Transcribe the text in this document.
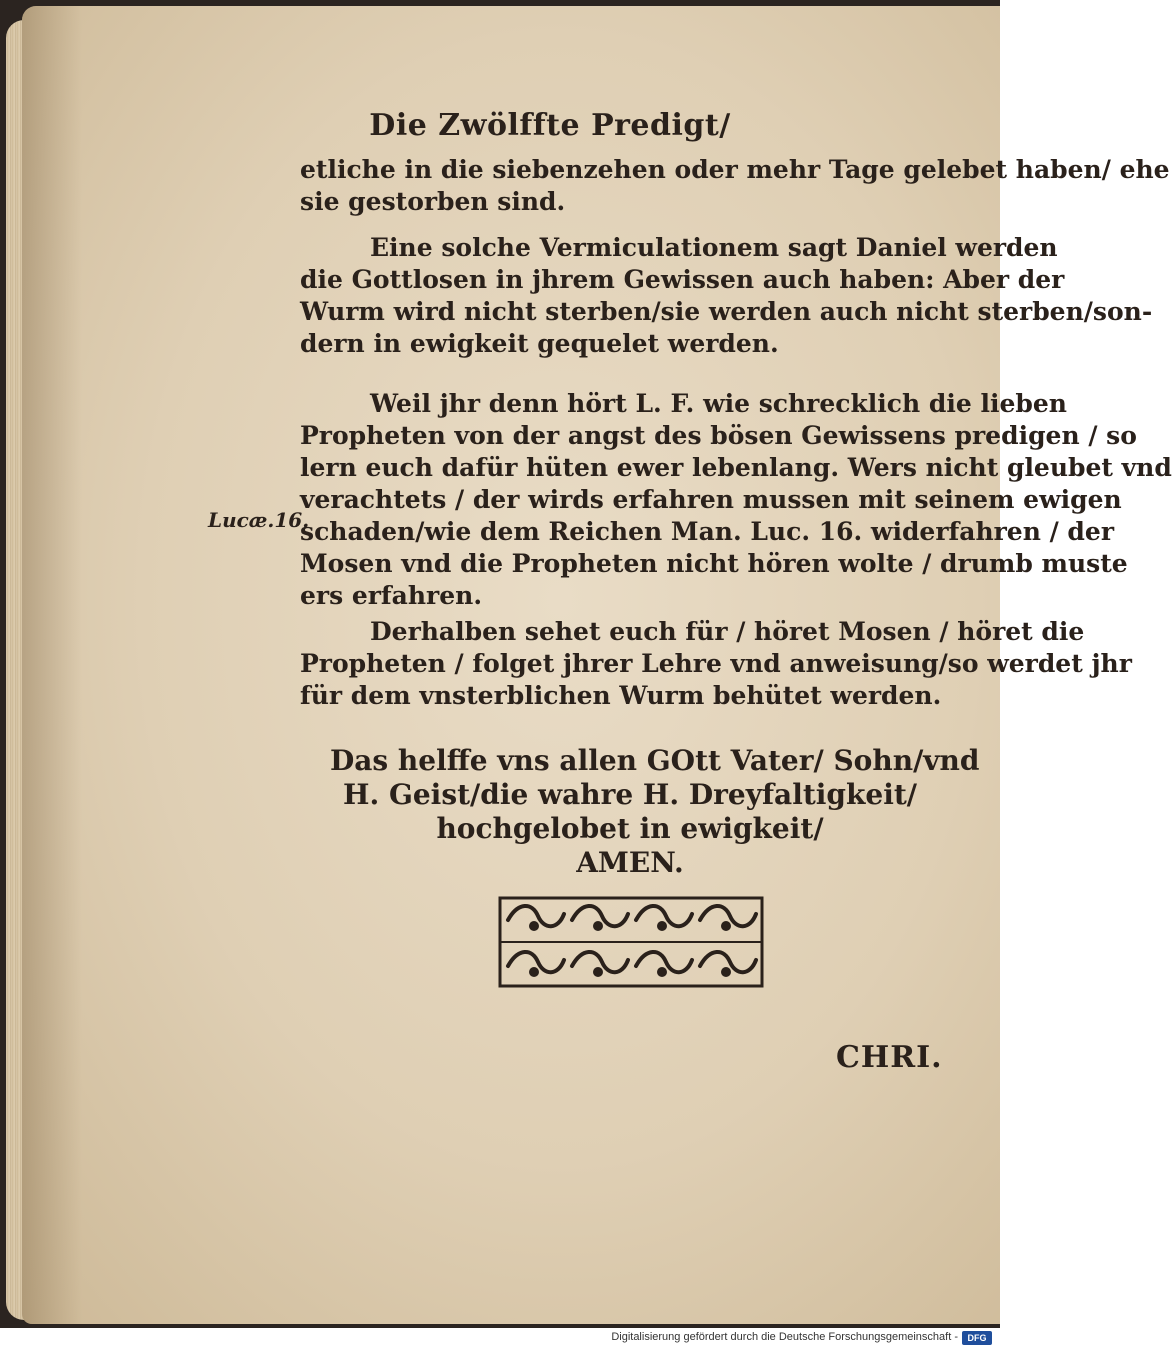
Die Zwölffte Predigt/
etliche in die siebenzehen oder mehr Tage gelebet haben/ ehe
sie gestorben sind.
Eine solche Vermiculationem sagt Daniel werden
die Gottlosen in jhrem Gewissen auch haben: Aber der
Wurm wird nicht sterben/sie werden auch nicht sterben/son-
dern in ewigkeit gequelet werden.
Weil jhr denn hört L. F. wie schrecklich die lieben
Propheten von der angst des bösen Gewissens predigen / so
lern euch dafür hüten ewer lebenlang. Wers nicht gleubet vnd
verachtets / der wirds erfahren mussen mit seinem ewigen
schaden/wie dem Reichen Man. Luc. 16. widerfahren / der
Mosen vnd die Propheten nicht hören wolte / drumb muste
ers erfahren.
Lucæ.16.
Derhalben sehet euch für / höret Mosen / höret die
Propheten / folget jhrer Lehre vnd anweisung/so werdet jhr
für dem vnsterblichen Wurm behütet werden.
Das helffe vns allen GOtt Vater/ Sohn/vnd
H. Geist/die wahre H. Dreyfaltigkeit/
hochgelobet in ewigkeit/
AMEN.
CHRI.
Digitalisierung gefördert durch die Deutsche Forschungsgemeinschaft -	DFG
